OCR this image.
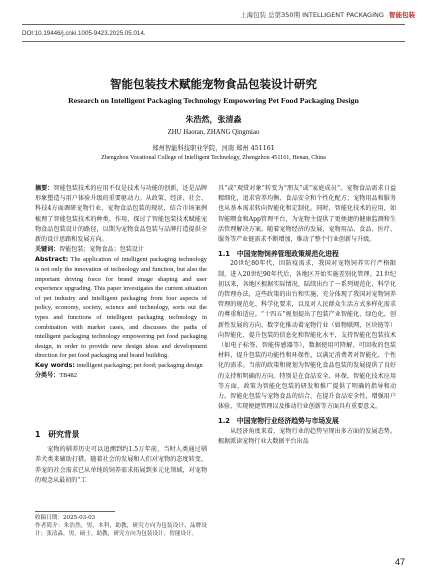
上海包装 总第350期 INTELLIGENT PACKAGING 智能包装
DOI:10.19446/j.cnki.1005-9423.2025.05.014.
智能包装技术赋能宠物食品包装设计研究
Research on Intelligent Packaging Technology Empowering Pet Food Packaging Design
朱浩然，张清淼
ZHU Haoran, ZHANG Qingmiao
郑州智能科技职业学院，河南 郑州 451161
Zhengzhou Vocational College of Intelligent Technology, Zhengzhou 451161, Henan, China
摘要：智能包装技术的应用不仅是技术与功能的创新，还是品牌形象塑造与用户体验升级的重要驱动力。从政策、经济、社会、科技4方面调研宠物行业、宠物食品包装的现状，结合市场案例梳理了智能包装技术的种类、作用，探讨了智能包装技术赋能宠物食品包装设计的路径，以期为宠物食品包装与品牌打造提供全新的设计思路和发展方向。
关键词：智能包装；宠物食品；包装设计
Abstract: The application of intelligent packaging technology is not only the innovation of technology and function, but also the important driving force for brand image shaping and user experience upgrading. This paper investigates the current situation of pet industry and intelligent packaging from four aspects of policy, economy, society, science and technology, sorts out the types and functions of intelligent packaging technology in combination with market cases, and discusses the paths of intelligent packaging technology empowering pet food packaging design, in order to provide new design ideas and development direction for pet food packaging and brand building.
Key words: intelligent packaging; pet food; packaging design
分类号：TB482
1　研究背景

宠物的驯养历史可以追溯到约1.5万年前，当时人类通过驯养犬类来辅助打猎。随着社会的发展和人们对宠物的态度转变，养宠的社会需求已从单纯的饲养需求拓展到多元化领域，对宠物的观念从最初的“工

收稿日期：2025-03-03
作者简介：朱浩然，男，本科，助教，研究方向为包装设计、品牌设计；张清淼，男，硕士，助教，研究方向为包装设计、智能设计。

具”或“观赏对象”转变为“朋友”或“家庭成员”。宠物食品需求日益精细化，追求营养均衡、食品安全和个性化配方；宠物用品和服务也从基本需求转向智能化和定制化。同时，智能化技术的应用，如智能喂食和App管理平台，为宠物主提供了更便捷的健康监测和生活管理解决方案。随着宠物经济的发展，宠物用品、食品、医疗、服务等产业链需求不断增加，推动了整个行业创新与升级。

1.1　中国宠物饲养管理政策规范化进程

20世纪80年代，因防疫需求，我国对宠物饲养实行严格限制，进入20世纪90年代后，各地区开始实施差别化管理。21世纪初以来，各地区根据实际情况，陆续出台了一系列规范化、科学化的管理办法，这些政策的出台和实施，充分体现了我国对宠物饲养管理的规范化、科学化要求，以及对人民群众生活方式多样化需求的尊重和适应。“十四五”规划提出了包装产业智能化、绿色化、创新性发展的方向，数字化推动着宠物行业（如物联网、区块链等）向智能化、提升包装的信息化和智能化水平，支持智能化包装技术（如电子标签、智能传感器等），数据使用可降解、可回收的包装材料，提升包装的功能性和环保性，以满足消费者对智能化、个性化的需求。当前的政策和规划为智能化食品包装的发展提供了良好的支持和明确的方向。特别是在食品安全、环保、智能化技术应用等方面，政策为智能化包装的研发和推广提供了明确的指导和动力。智能化包装与宠物食品的结合，在提升食品安全性、增强用户体验、实现便捷管理以及推动行业创新等方面具有重要意义。

1.2　中国宠物行业经济趋势与市场发展

从经济角度来看，宠物行业的趋势呈现出多方面的发展态势。根据派读宠物行业大数据平台出品

47
